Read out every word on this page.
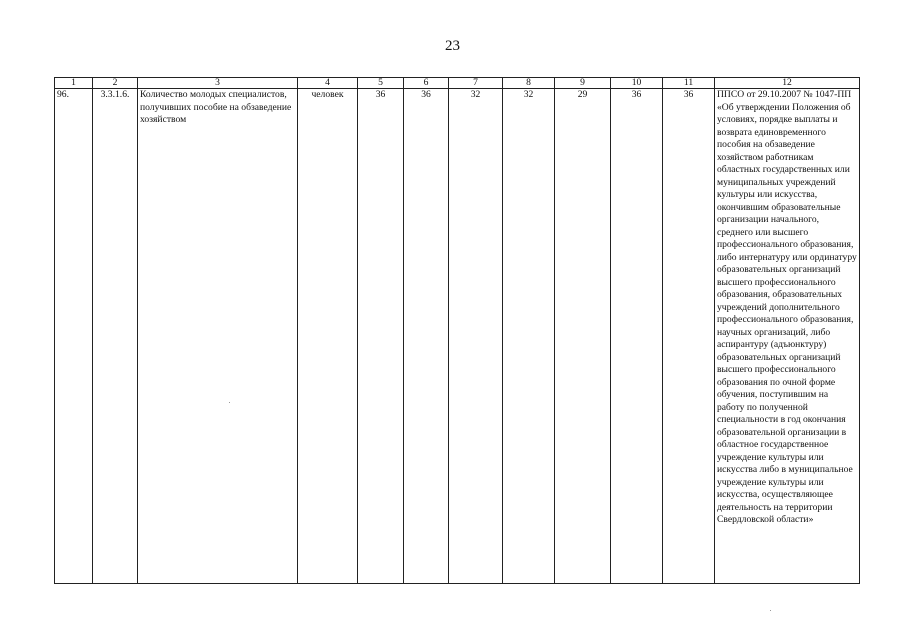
23
1	2	3	4	5	6	7	8	9	10	11	12
96.	3.3.1.6.	Количество молодых специалистов, получивших пособие на обзаведение хозяйством	человек	36	36	32	32	29	36	36	ППСО от 29.10.2007 № 1047-ПП «Об утверждении Положения об условиях, порядке выплаты и возврата единовременного пособия на обзаведение хозяйством работникам областных государственных или муниципальных учреждений культуры или искусства, окончившим образовательные организации начального, среднего или высшего профессионального образования, либо интернатуру или ординатуру образовательных организаций высшего профессионального образования, образовательных учреждений дополнительного профессионального образования, научных организаций, либо аспирантуру (адъюнктуру) образовательных организаций высшего профессионального образования по очной форме обучения, поступившим на работу по полученной специальности в год окончания образовательной организации в областное государственное учреждение культуры или искусства либо в муниципальное учреждение культуры или искусства, осуществляющее деятельность на территории Свердловской области»
